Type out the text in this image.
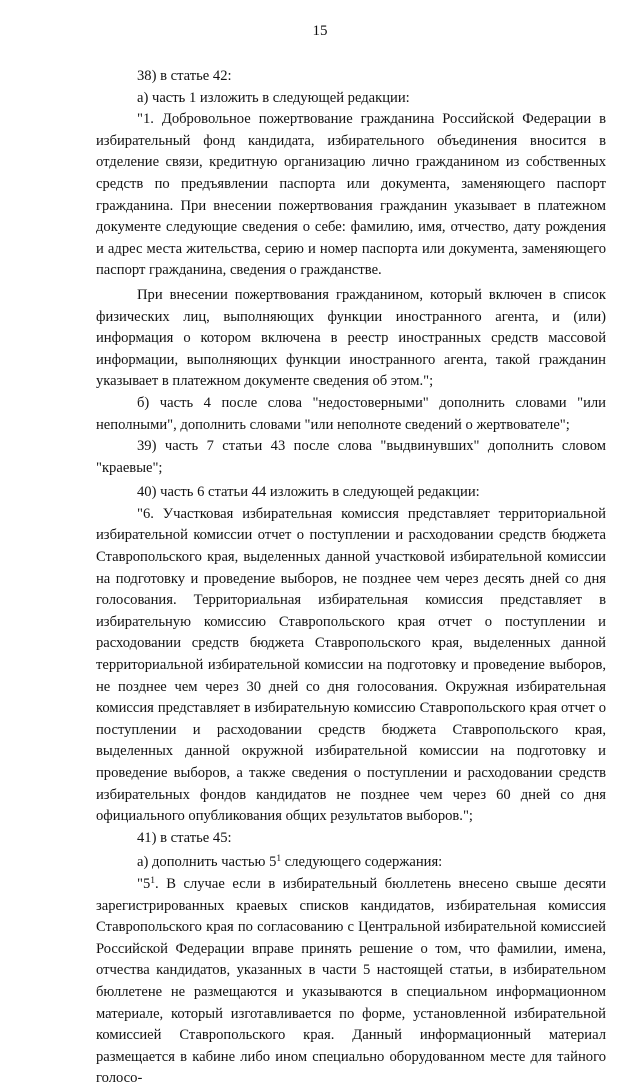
15

38) в статье 42:

а) часть 1 изложить в следующей редакции:

"1. Добровольное пожертвование гражданина Российской Федерации в избирательный фонд кандидата, избирательного объединения вносится в отделение связи, кредитную организацию лично гражданином из собственных средств по предъявлении паспорта или документа, заменяющего паспорт гражданина. При внесении пожертвования гражданин указывает в платежном документе следующие сведения о себе: фамилию, имя, отчество, дату рождения и адрес места жительства, серию и номер паспорта или документа, заменяющего паспорт гражданина, сведения о гражданстве.

При внесении пожертвования гражданином, который включен в список физических лиц, выполняющих функции иностранного агента, и (или) информация о котором включена в реестр иностранных средств массовой информации, выполняющих функции иностранного агента, такой гражданин указывает в платежном документе сведения об этом.";

б) часть 4 после слова "недостоверными" дополнить словами "или неполными", дополнить словами "или неполноте сведений о жертвователе";

39) часть 7 статьи 43 после слова "выдвинувших" дополнить словом "краевые";

40) часть 6 статьи 44 изложить в следующей редакции:

"6. Участковая избирательная комиссия представляет территориальной избирательной комиссии отчет о поступлении и расходовании средств бюджета Ставропольского края, выделенных данной участковой избирательной комиссии на подготовку и проведение выборов, не позднее чем через десять дней со дня голосования. Территориальная избирательная комиссия представляет в избирательную комиссию Ставропольского края отчет о поступлении и расходовании средств бюджета Ставропольского края, выделенных данной территориальной избирательной комиссии на подготовку и проведение выборов, не позднее чем через 30 дней со дня голосования. Окружная избирательная комиссия представляет в избирательную комиссию Ставропольского края отчет о поступлении и расходовании средств бюджета Ставропольского края, выделенных данной окружной избирательной комиссии на подготовку и проведение выборов, а также сведения о поступлении и расходовании средств избирательных фондов кандидатов не позднее чем через 60 дней со дня официального опубликования общих результатов выборов.";

41) в статье 45:

а) дополнить частью $5^1$ следующего содержания:

"$5^1$. В случае если в избирательный бюллетень внесено свыше десяти зарегистрированных краевых списков кандидатов, избирательная комиссия Ставропольского края по согласованию с Центральной избирательной комиссией Российской Федерации вправе принять решение о том, что фамилии, имена, отчества кандидатов, указанных в части 5 настоящей статьи, в избирательном бюллетене не размещаются и указываются в специальном информационном материале, который изготавливается по форме, установленной избирательной комиссией Ставропольского края. Данный информационный материал размещается в кабине либо ином специально оборудованном месте для тайного голосо-
